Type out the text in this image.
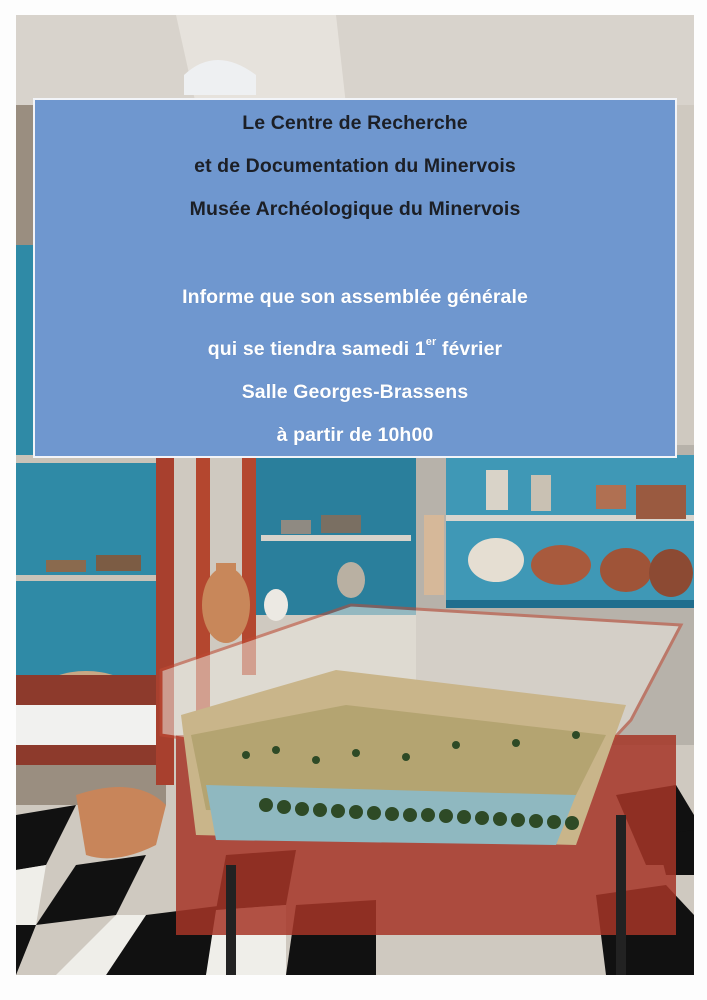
Le Centre de Recherche
et de Documentation du Minervois
Musée Archéologique du Minervois
Informe que son assemblée générale
qui se tiendra samedi 1er février
Salle Georges-Brassens
à partir de 10h00
